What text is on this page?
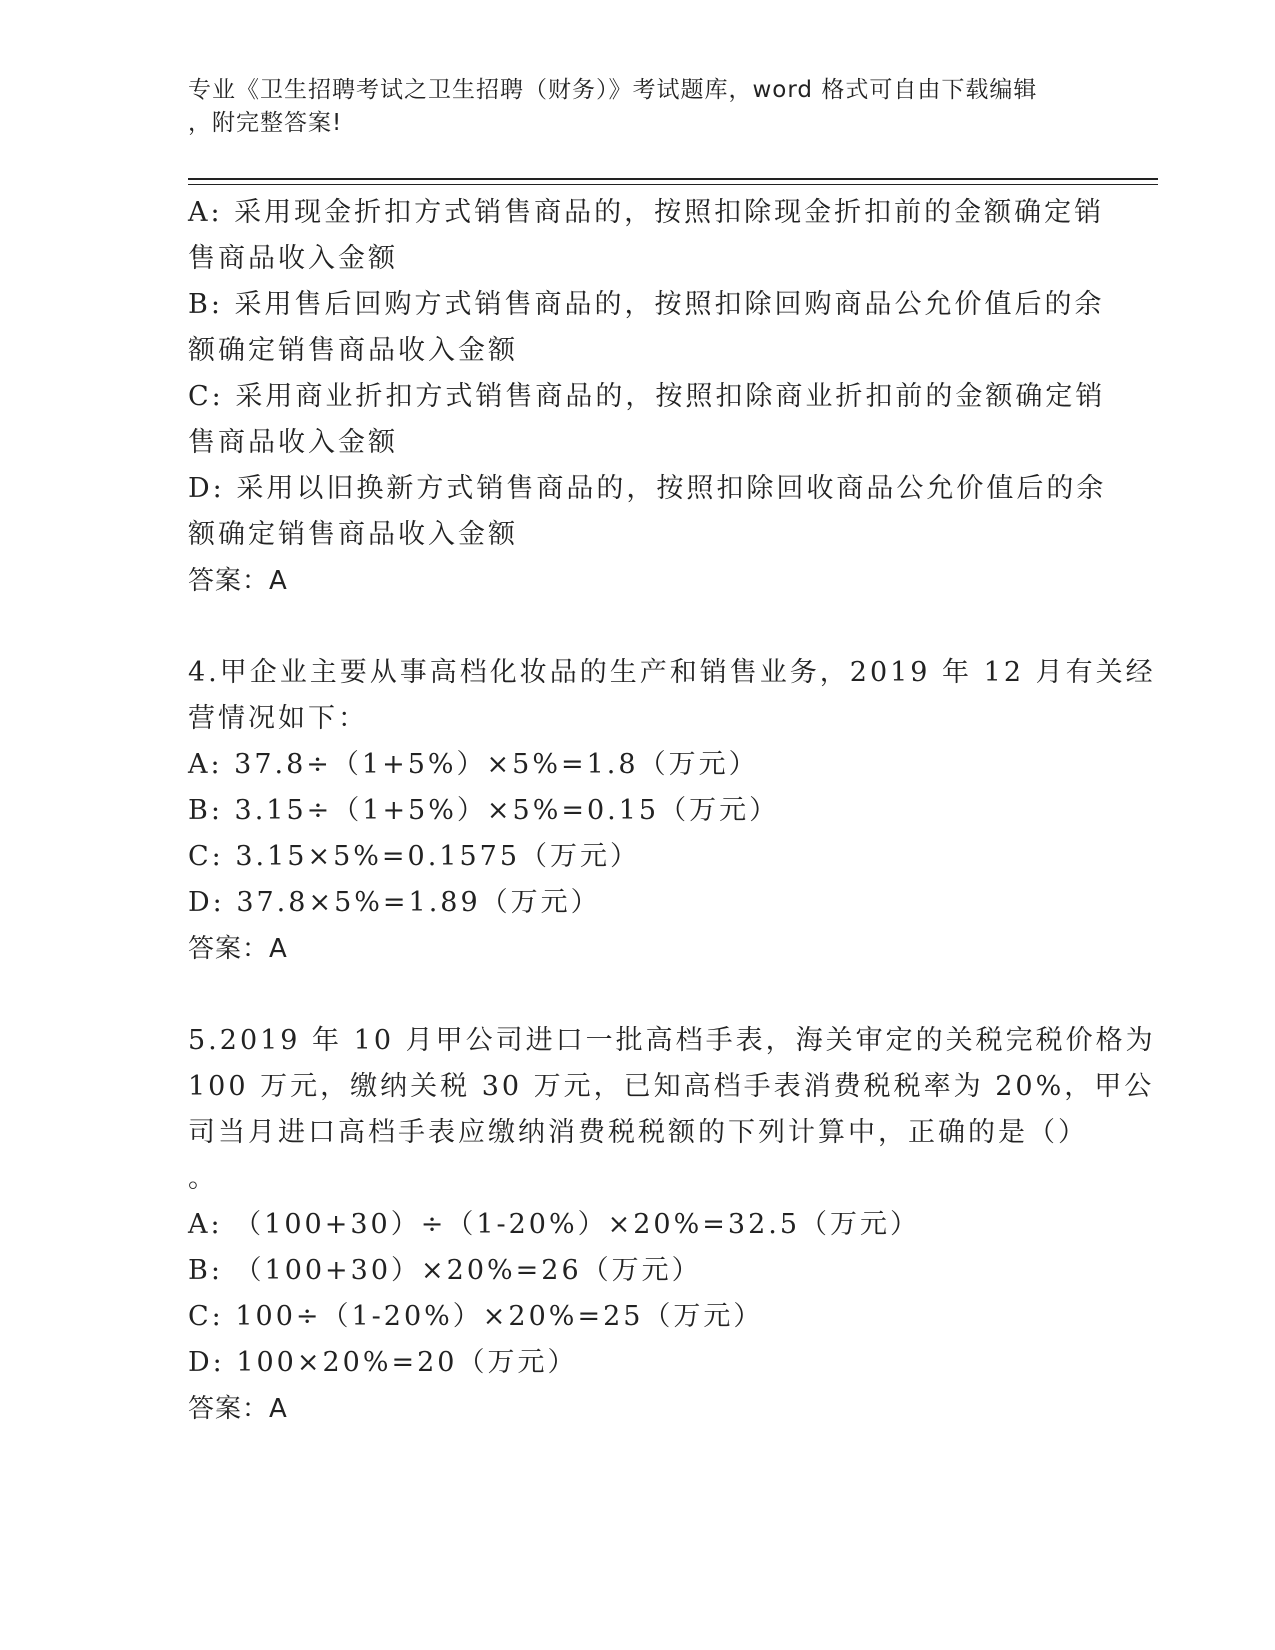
专业《卫生招聘考试之卫生招聘（财务）》考试题库，word 格式可自由下载编辑
，附完整答案!
A: 采用现金折扣方式销售商品的，按照扣除现金折扣前的金额确定销
售商品收入金额
B: 采用售后回购方式销售商品的，按照扣除回购商品公允价值后的余
额确定销售商品收入金额
C: 采用商业折扣方式销售商品的，按照扣除商业折扣前的金额确定销
售商品收入金额
D: 采用以旧换新方式销售商品的，按照扣除回收商品公允价值后的余
额确定销售商品收入金额
答案：A
4.甲企业主要从事高档化妆品的生产和销售业务，2019 年 12 月有关经
营情况如下：
A: 37.8÷（1+5%）×5%=1.8（万元）
B: 3.15÷（1+5%）×5%=0.15（万元）
C: 3.15×5%=0.1575（万元）
D: 37.8×5%=1.89（万元）
答案：A
5.2019 年 10 月甲公司进口一批高档手表，海关审定的关税完税价格为
100 万元，缴纳关税 30 万元，已知高档手表消费税税率为 20%，甲公
司当月进口高档手表应缴纳消费税税额的下列计算中，正确的是（）
。
A: （100+30）÷（1-20%）×20%=32.5（万元）
B: （100+30）×20%=26（万元）
C: 100÷（1-20%）×20%=25（万元）
D: 100×20%=20（万元）
答案：A
